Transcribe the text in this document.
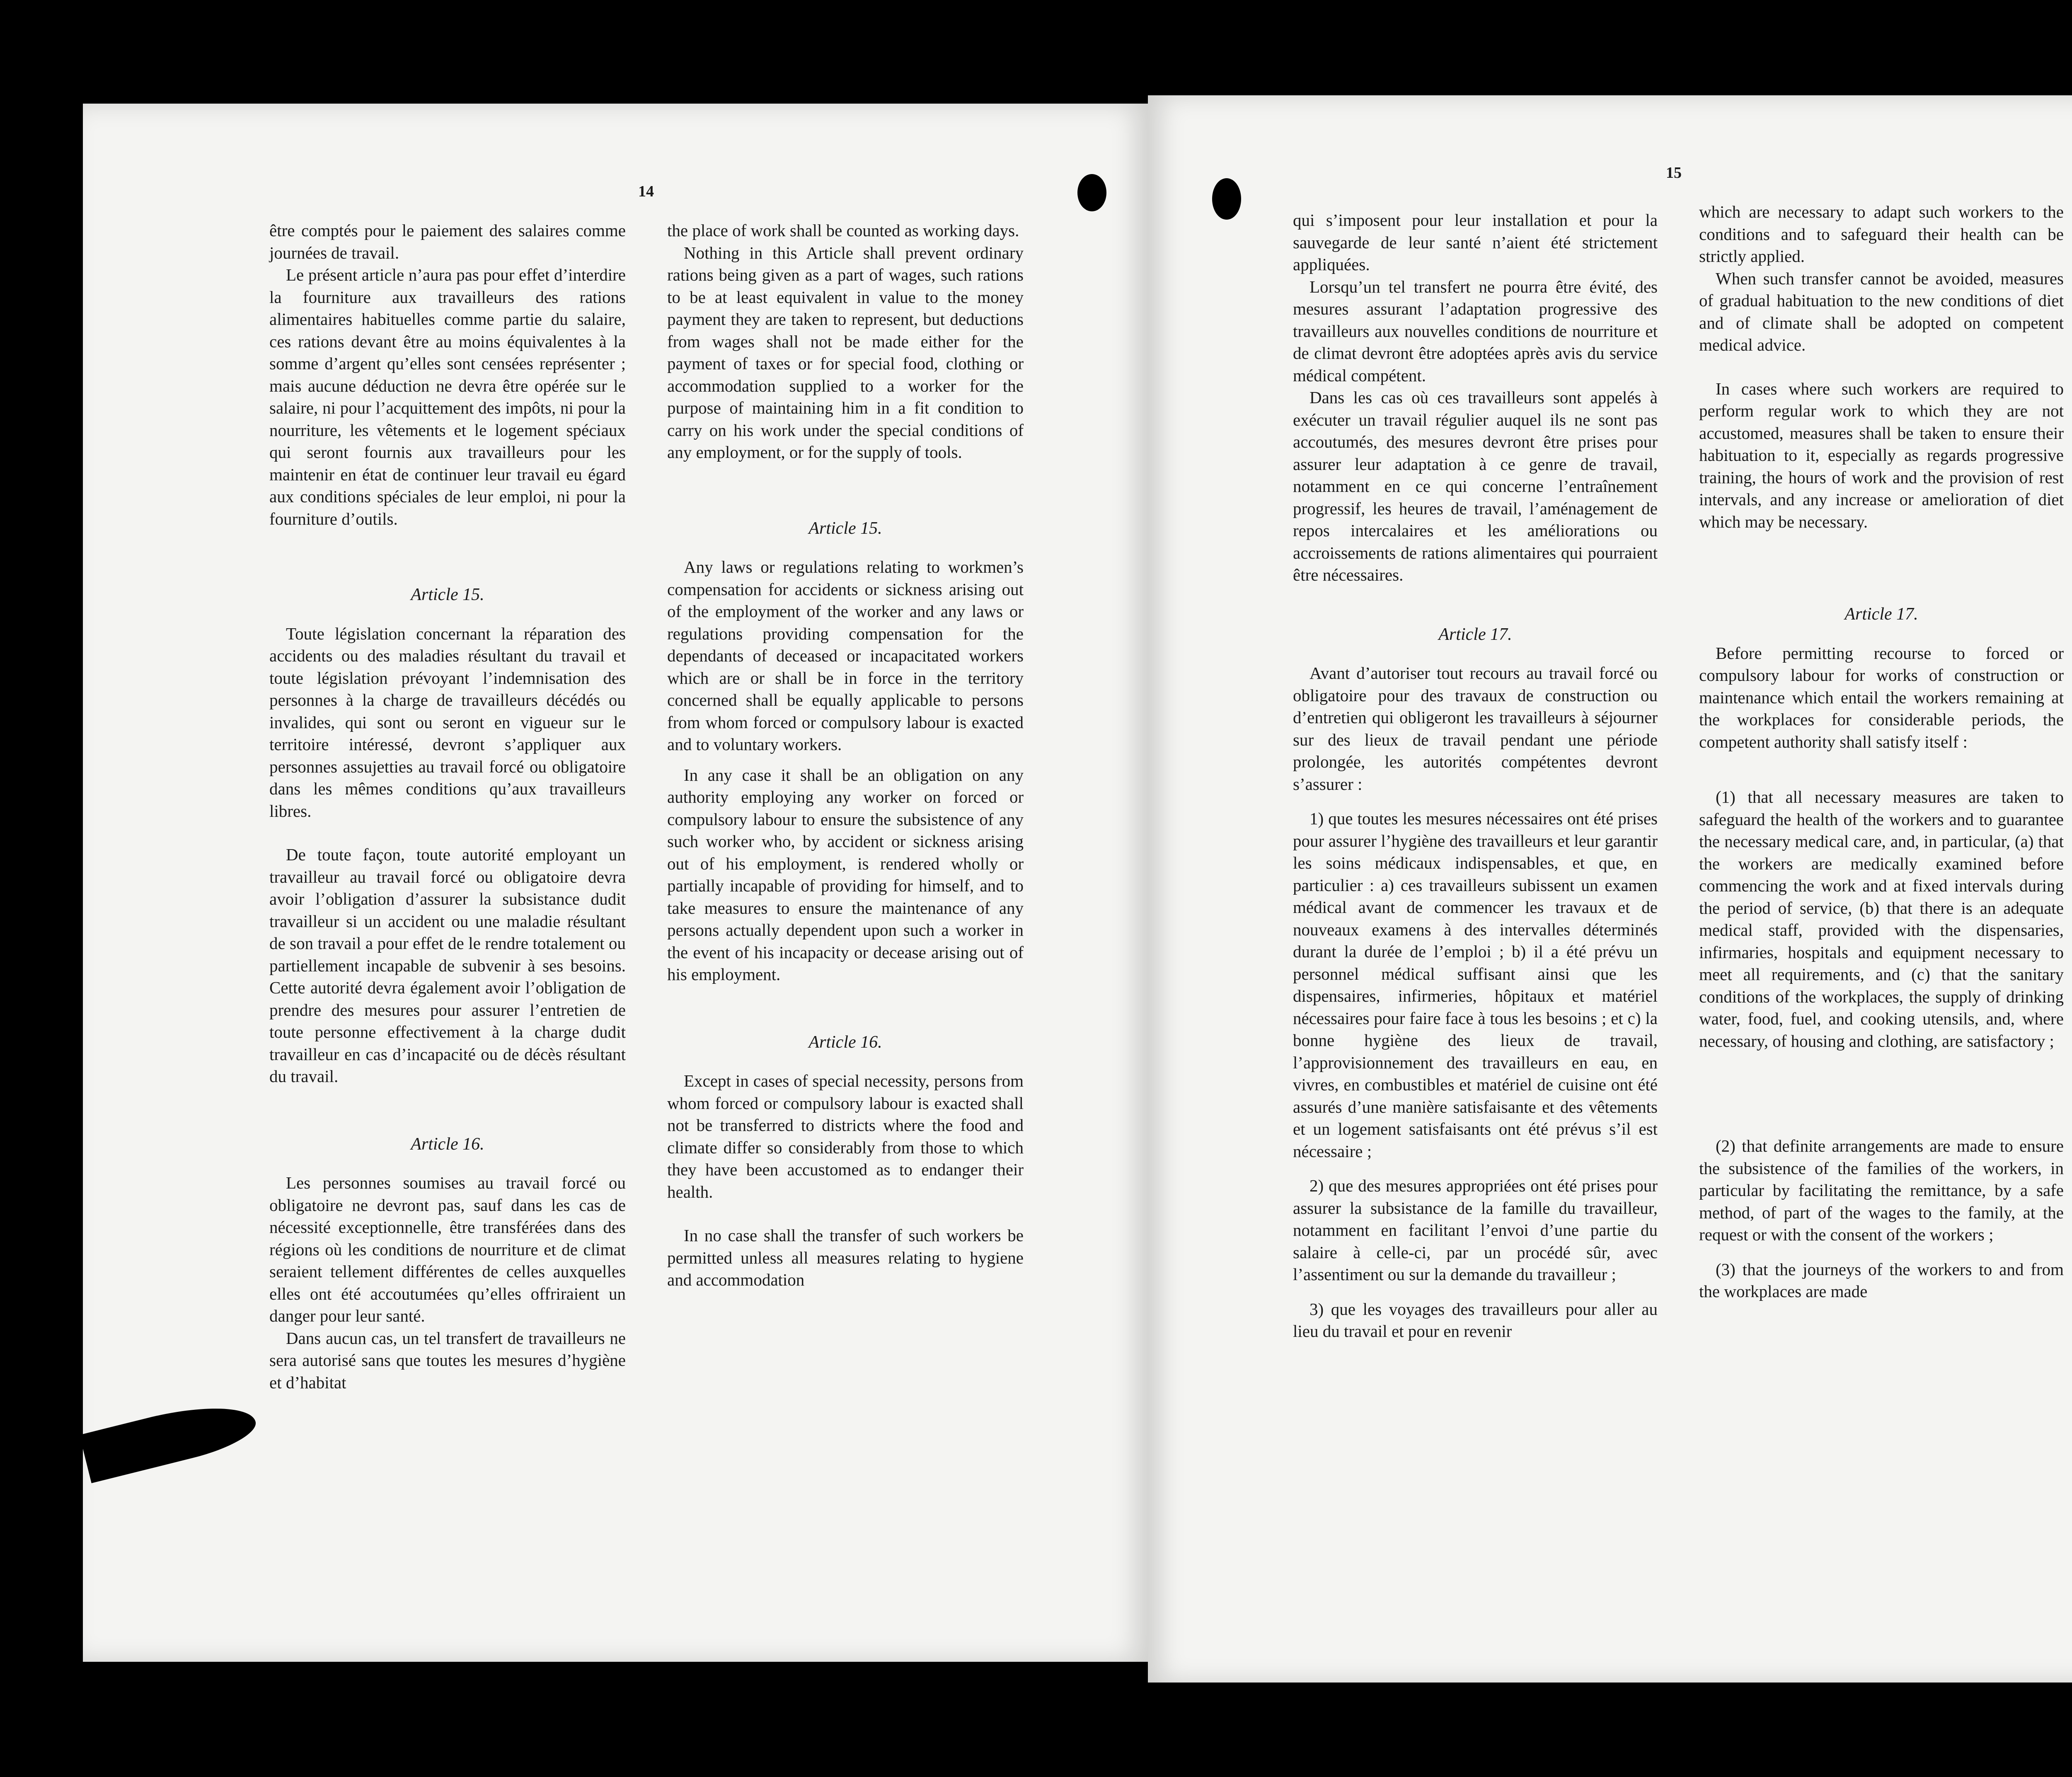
14

être comptés pour le paiement des salaires comme journées de travail.

Le présent article n’aura pas pour effet d’interdire la fourniture aux travailleurs des rations alimentaires habituelles comme partie du salaire, ces rations devant être au moins équivalentes à la somme d’argent qu’elles sont censées représenter ; mais aucune déduction ne devra être opérée sur le salaire, ni pour l’acquittement des impôts, ni pour la nourriture, les vêtements et le logement spéciaux qui seront fournis aux travailleurs pour les maintenir en état de continuer leur travail eu égard aux conditions spéciales de leur emploi, ni pour la fourniture d’outils.

Article 15.

Toute législation concernant la réparation des accidents ou des maladies résultant du travail et toute législation prévoyant l’indemnisation des personnes à la charge de travailleurs décédés ou invalides, qui sont ou seront en vigueur sur le territoire intéressé, devront s’appliquer aux personnes assujetties au travail forcé ou obligatoire dans les mêmes conditions qu’aux travailleurs libres.

De toute façon, toute autorité employant un travailleur au travail forcé ou obligatoire devra avoir l’obligation d’assurer la subsistance dudit travailleur si un accident ou une maladie résultant de son travail a pour effet de le rendre totalement ou partiellement incapable de subvenir à ses besoins. Cette autorité devra également avoir l’obligation de prendre des mesures pour assurer l’entretien de toute personne effectivement à la charge dudit travailleur en cas d’incapacité ou de décès résultant du travail.

Article 16.

Les personnes soumises au travail forcé ou obligatoire ne devront pas, sauf dans les cas de nécessité exceptionnelle, être transférées dans des régions où les conditions de nourriture et de climat seraient tellement différentes de celles auxquelles elles ont été accoutumées qu’elles offriraient un danger pour leur santé.

Dans aucun cas, un tel transfert de travailleurs ne sera autorisé sans que toutes les mesures d’hygiène et d’habitat

the place of work shall be counted as working days.

Nothing in this Article shall prevent ordinary rations being given as a part of wages, such rations to be at least equivalent in value to the money payment they are taken to represent, but deductions from wages shall not be made either for the payment of taxes or for special food, clothing or accommodation supplied to a worker for the purpose of maintaining him in a fit condition to carry on his work under the special conditions of any employment, or for the supply of tools.

Article 15.

Any laws or regulations relating to workmen’s compensation for accidents or sickness arising out of the employment of the worker and any laws or regulations providing compensation for the dependants of deceased or incapacitated workers which are or shall be in force in the territory concerned shall be equally applicable to persons from whom forced or compulsory labour is exacted and to voluntary workers.

In any case it shall be an obligation on any authority employing any worker on forced or compulsory labour to ensure the subsistence of any such worker who, by accident or sickness arising out of his employment, is rendered wholly or partially incapable of providing for himself, and to take measures to ensure the maintenance of any persons actually dependent upon such a worker in the event of his incapacity or decease arising out of his employment.

Article 16.

Except in cases of special necessity, persons from whom forced or compulsory labour is exacted shall not be transferred to districts where the food and climate differ so considerably from those to which they have been accustomed as to endanger their health.

In no case shall the transfer of such workers be permitted unless all measures relating to hygiene and accommodation

15

qui s’imposent pour leur installation et pour la sauvegarde de leur santé n’aient été strictement appliquées.

Lorsqu’un tel transfert ne pourra être évité, des mesures assurant l’adaptation progressive des travailleurs aux nouvelles conditions de nourriture et de climat devront être adoptées après avis du service médical compétent.

Dans les cas où ces travailleurs sont appelés à exécuter un travail régulier auquel ils ne sont pas accoutumés, des mesures devront être prises pour assurer leur adaptation à ce genre de travail, notamment en ce qui concerne l’entraînement progressif, les heures de travail, l’aménagement de repos intercalaires et les améliorations ou accroissements de rations alimentaires qui pourraient être nécessaires.

Article 17.

Avant d’autoriser tout recours au travail forcé ou obligatoire pour des travaux de construction ou d’entretien qui obligeront les travailleurs à séjourner sur des lieux de travail pendant une période prolongée, les autorités compétentes devront s’assurer :

1) que toutes les mesures nécessaires ont été prises pour assurer l’hygiène des travailleurs et leur garantir les soins médicaux indispensables, et que, en particulier : a) ces travailleurs subissent un examen médical avant de commencer les travaux et de nouveaux examens à des intervalles déterminés durant la durée de l’emploi ; b) il a été prévu un personnel médical suffisant ainsi que les dispensaires, infirmeries, hôpitaux et matériel nécessaires pour faire face à tous les besoins ; et c) la bonne hygiène des lieux de travail, l’approvisionnement des travailleurs en eau, en vivres, en combustibles et matériel de cuisine ont été assurés d’une manière satisfaisante et des vêtements et un logement satisfaisants ont été prévus s’il est nécessaire ;

2) que des mesures appropriées ont été prises pour assurer la subsistance de la famille du travailleur, notamment en facilitant l’envoi d’une partie du salaire à celle-ci, par un procédé sûr, avec l’assentiment ou sur la demande du travailleur ;

3) que les voyages des travailleurs pour aller au lieu du travail et pour en revenir

which are necessary to adapt such workers to the conditions and to safeguard their health can be strictly applied.

When such transfer cannot be avoided, measures of gradual habituation to the new conditions of diet and of climate shall be adopted on competent medical advice.

In cases where such workers are required to perform regular work to which they are not accustomed, measures shall be taken to ensure their habituation to it, especially as regards progressive training, the hours of work and the provision of rest intervals, and any increase or amelioration of diet which may be necessary.

Article 17.

Before permitting recourse to forced or compulsory labour for works of construction or maintenance which entail the workers remaining at the workplaces for considerable periods, the competent authority shall satisfy itself :

(1) that all necessary measures are taken to safeguard the health of the workers and to guarantee the necessary medical care, and, in particular, (a) that the workers are medically examined before commencing the work and at fixed intervals during the period of service, (b) that there is an adequate medical staff, provided with the dispensaries, infirmaries, hospitals and equipment necessary to meet all requirements, and (c) that the sanitary conditions of the workplaces, the supply of drinking water, food, fuel, and cooking utensils, and, where necessary, of housing and clothing, are satisfactory ;

(2) that definite arrangements are made to ensure the subsistence of the families of the workers, in particular by facilitating the remittance, by a safe method, of part of the wages to the family, at the request or with the consent of the workers ;

(3) that the journeys of the workers to and from the workplaces are made
